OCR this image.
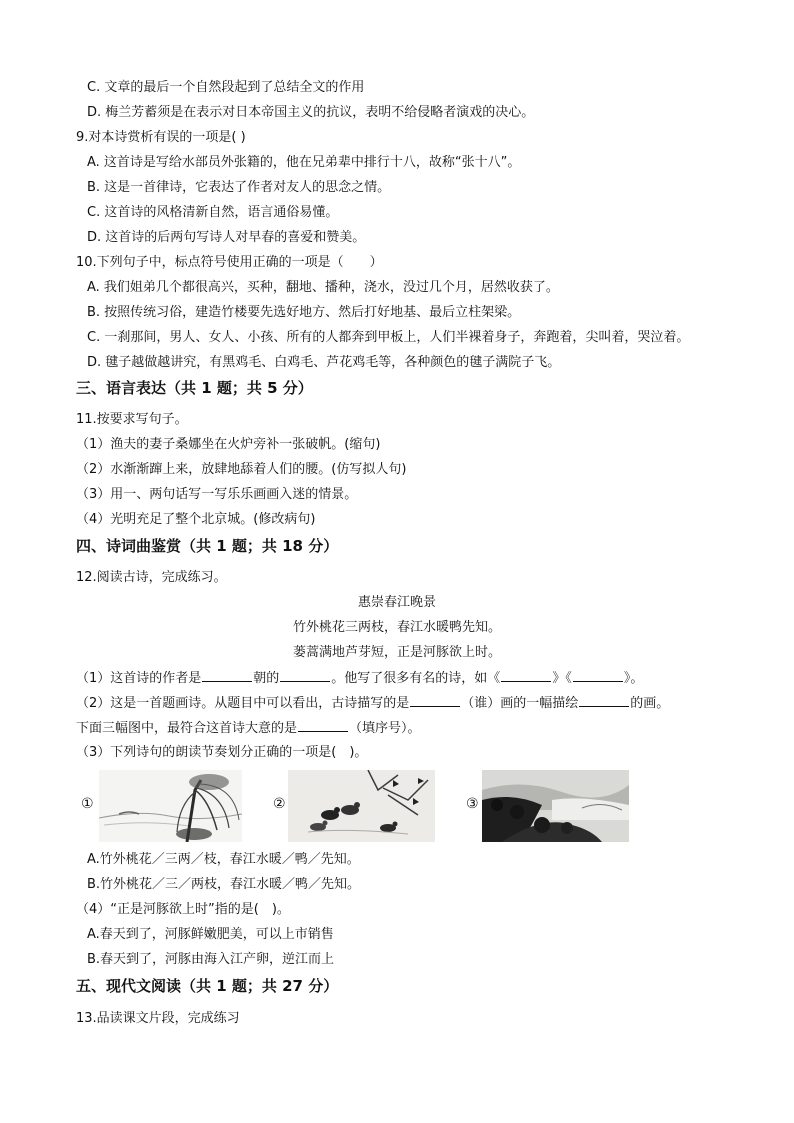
C. 文章的最后一个自然段起到了总结全文的作用
D. 梅兰芳蓄须是在表示对日本帝国主义的抗议，表明不给侵略者演戏的决心。
9.对本诗赏析有误的一项是( )
A. 这首诗是写给水部员外张籍的，他在兄弟辈中排行十八，故称“张十八”。
B. 这是一首律诗，它表达了作者对友人的思念之情。
C. 这首诗的风格清新自然，语言通俗易懂。
D. 这首诗的后两句写诗人对早春的喜爱和赞美。
10.下列句子中，标点符号使用正确的一项是（　　）
A. 我们姐弟几个都很高兴，买种，翻地、播种，浇水，没过几个月，居然收获了。
B. 按照传统习俗，建造竹楼要先选好地方、然后打好地基、最后立柱架梁。
C. 一刹那间，男人、女人、小孩、所有的人都奔到甲板上，人们半裸着身子，奔跑着，尖叫着，哭泣着。
D. 毽子越做越讲究，有黑鸡毛、白鸡毛、芦花鸡毛等，各种颜色的毽子满院子飞。
三、语言表达（共 1 题；共 5 分）
11.按要求写句子。
（1）渔夫的妻子桑娜坐在火炉旁补一张破帆。(缩句)
（2）水渐渐蹿上来，放肆地舔着人们的腰。(仿写拟人句)
（3）用一、两句话写一写乐乐画画入迷的情景。
（4）光明充足了整个北京城。(修改病句)
四、诗词曲鉴赏（共 1 题；共 18 分）
12.阅读古诗，完成练习。
惠崇春江晚景
竹外桃花三两枝，春江水暖鸭先知。
蒌蒿满地芦芽短，正是河豚欲上时。
（1）这首诗的作者是	朝的	。他写了很多有名的诗，如《	》《	》。
（2）这是一首题画诗。从题目中可以看出，古诗描写的是	（谁）画的一幅描绘	的画。
下面三幅图中，最符合这首诗大意的是	（填序号）。
（3）下列诗句的朗读节奏划分正确的一项是(　)。
①	②	③
A.竹外桃花／三两／枝，春江水暖／鸭／先知。
B.竹外桃花／三／两枝，春江水暖／鸭／先知。
（4）“正是河豚欲上时”指的是(　)。
A.春天到了，河豚鲜嫩肥美，可以上市销售
B.春天到了，河豚由海入江产卵，逆江而上
五、现代文阅读（共 1 题；共 27 分）
13.品读课文片段，完成练习
